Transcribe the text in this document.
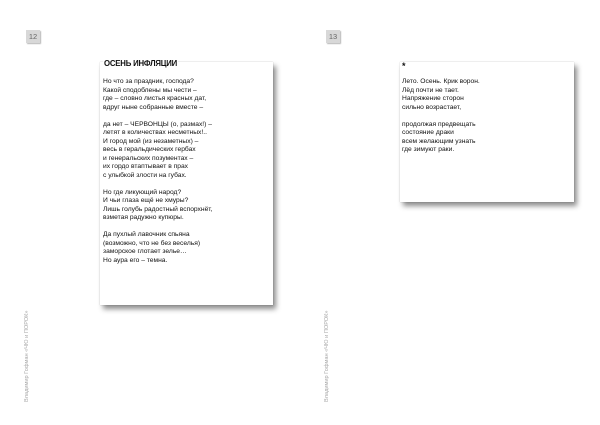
12
ОСЕНЬ ИНФЛЯЦИИ
Но что за праздник, господа?
Какой сподоблены мы чести –
где – словно листья красных дат,
вдруг ныне собранные вместе –
да нет – ЧЕРВОНЦЫ (о, размах!) –
летят в количествах несметных!..
И город мой (из незаметных) –
весь в геральдических гербах
и генеральских позументах –
их гордо втаптывает в прах
с улыбкой злости на губах.
Но где ликующий народ?
И чьи глаза ещё не хмуры?
Лишь голубь радостный вспорхнёт,
взметая радужно купюры.
Да пухлый лавочник спьяна
(возможно, что не без веселья)
заморское глотает зелье…
Но аура его – темна.
Владимир Гофман «ЧЮ и ПОРОК»
13
*
Лето. Осень. Крик ворон.
Лёд почти не тает.
Напряжение сторон
сильно возрастает,
продолжая предвещать
состояние драки
всем желающим узнать
где зимуют раки.
Владимир Гофман «ЧЮ и ПОРОК»
